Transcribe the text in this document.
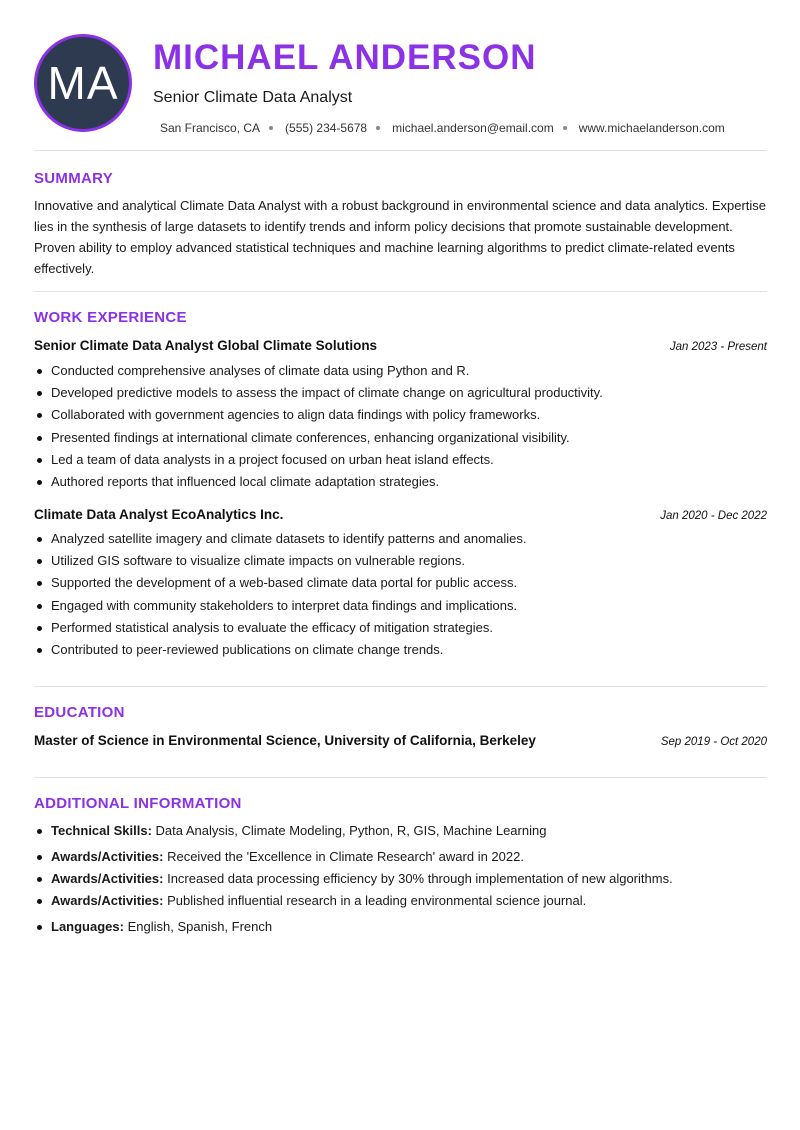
MA MICHAEL ANDERSON
Senior Climate Data Analyst
San Francisco, CA (555) 234-5678 michael.anderson@email.com www.michaelanderson.com
SUMMARY

Innovative and analytical Climate Data Analyst with a robust background in environmental science and data analytics. Expertise lies in the synthesis of large datasets to identify trends and inform policy decisions that promote sustainable development. Proven ability to employ advanced statistical techniques and machine learning algorithms to predict climate-related events effectively.

WORK EXPERIENCE
Senior Climate Data Analyst Global Climate Solutions	Jan 2023 - Present
Conducted comprehensive analyses of climate data using Python and R.
Developed predictive models to assess the impact of climate change on agricultural productivity.
Collaborated with government agencies to align data findings with policy frameworks.
Presented findings at international climate conferences, enhancing organizational visibility.
Led a team of data analysts in a project focused on urban heat island effects.
Authored reports that influenced local climate adaptation strategies.
Climate Data Analyst EcoAnalytics Inc.	Jan 2020 - Dec 2022
Analyzed satellite imagery and climate datasets to identify patterns and anomalies.
Utilized GIS software to visualize climate impacts on vulnerable regions.
Supported the development of a web-based climate data portal for public access.
Engaged with community stakeholders to interpret data findings and implications.
Performed statistical analysis to evaluate the efficacy of mitigation strategies.
Contributed to peer-reviewed publications on climate change trends.
EDUCATION
Master of Science in Environmental Science, University of California, Berkeley	Sep 2019 - Oct 2020
ADDITIONAL INFORMATION
Technical Skills: Data Analysis, Climate Modeling, Python, R, GIS, Machine Learning
Awards/Activities: Received the 'Excellence in Climate Research' award in 2022.
Awards/Activities: Increased data processing efficiency by 30% through implementation of new algorithms.
Awards/Activities: Published influential research in a leading environmental science journal.
Languages: English, Spanish, French
